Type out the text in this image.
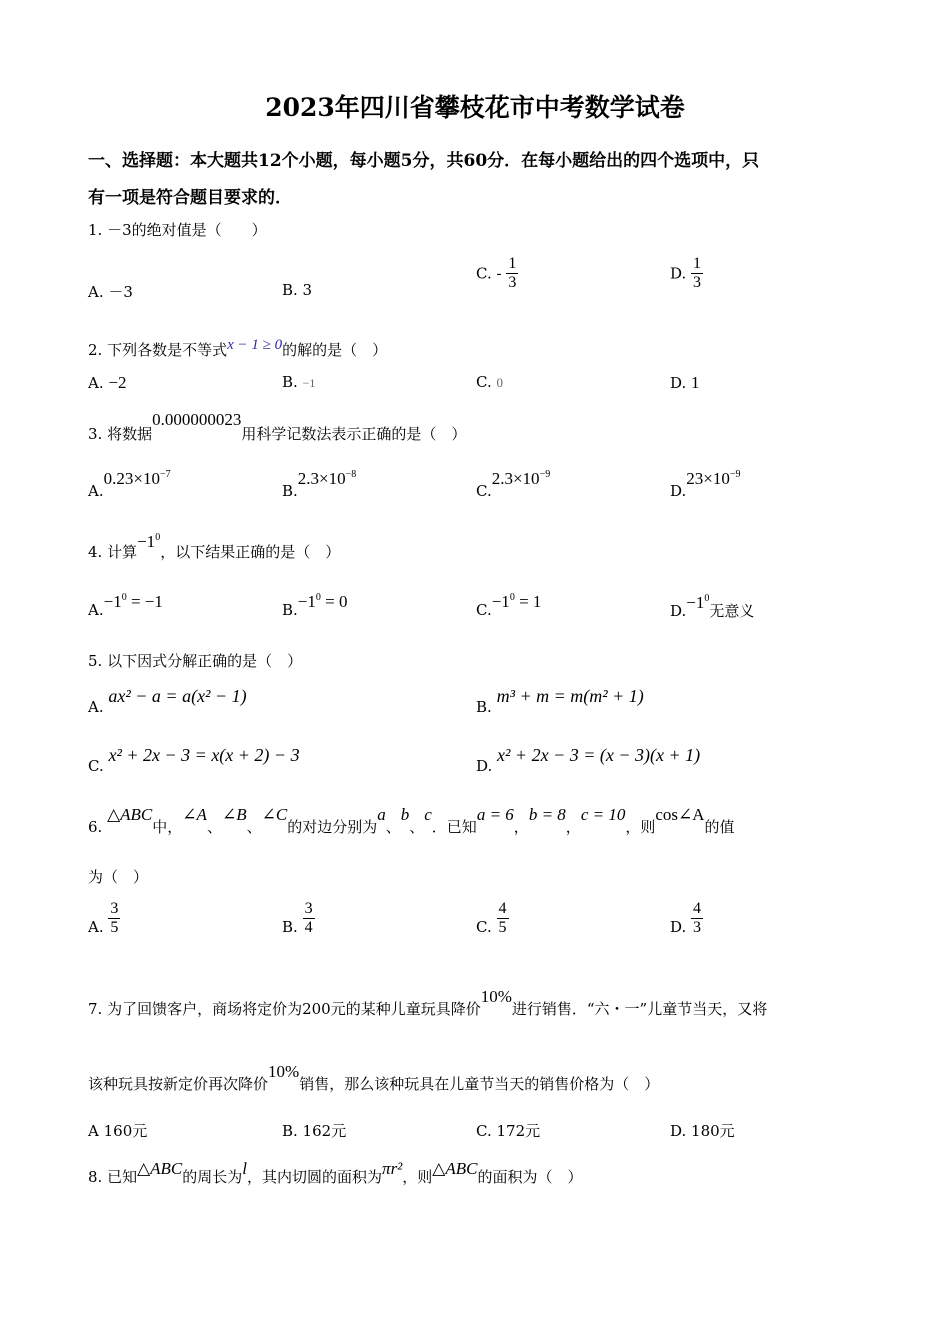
2023年四川省攀枝花市中考数学试卷
一、选择题：本大题共12个小题，每小题5分，共60分．在每小题给出的四个选项中，只
有一项是符合题目要求的．
1. －3的绝对值是（　　）
A. －3	B. 3
C. - $\frac{1}{3}$	D. $\frac{1}{3}$
2. 下列各数是不等式x − 1 ≥ 0的解的是（　）
A. −2	B. −1	C. 0	D. 1
3. 将数据0.000000023用科学记数法表示正确的是（　）
$A.0.23\times 10^{-7}$
$B.2.3\times 10^{-8}$
$C.2.3\times 10^{-9}$
$D.23\times 10^{-9}$
4. 计算$-1^0$，以下结果正确的是（　）
$A.-1^0 = -1$	$B.-1^0 = 0$	$C.-1^0 = 1$	$D.-1^0$无意义
5. 以下因式分解正确的是（　）
A. ax² − a = a(x² − 1)
B. m³ + m = m(m² + 1)
C. x² + 2x − 3 = x(x + 2) − 3
D. x² + 2x − 3 = (x − 3)(x + 1)
6. △ABC中，∠A、∠B、∠C的对边分别为a、b、c．已知a = 6，b = 8，c = 10，则cos∠A的值
为（　）
A. $\frac{3}{5}$	B. $\frac{3}{4}$	C. $\frac{4}{5}$	D. $\frac{4}{3}$
7. 为了回馈客户，商场将定价为200元的某种儿童玩具降价10%进行销售．“六・一”儿童节当天，又将
该种玩具按新定价再次降价10%销售，那么该种玩具在儿童节当天的销售价格为（　）
A 160元	B. 162元	C. 172元	D. 180元
8. 已知△ABC的周长为l，其内切圆的面积为πr²，则△ABC的面积为（　）
